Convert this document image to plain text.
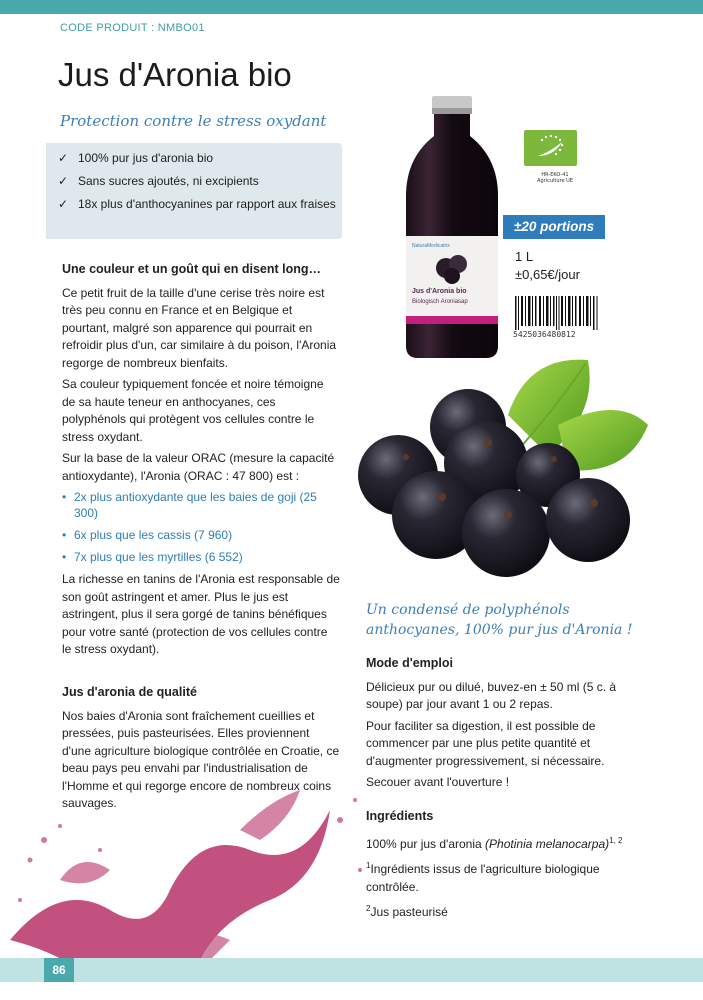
CODE PRODUIT : NMBO01
Jus d'Aronia bio
Protection contre le stress oxydant
✓ 100% pur jus d'aronia bio
✓ Sans sucres ajoutés, ni excipients
✓ 18x plus d'anthocyanines par rapport aux fraises
Une couleur et un goût qui en disent long…

Ce petit fruit de la taille d'une cerise très noire est très peu connu en France et en Belgique et pourtant, malgré son apparence qui pourrait en refroidir plus d'un, car similaire à du poison, l'Aronia regorge de nombreux bienfaits.

Sa couleur typiquement foncée et noire témoigne de sa haute teneur en anthocyanes, ces polyphénols qui protègent vos cellules contre le stress oxydant.

Sur la base de la valeur ORAC (mesure la capacité antioxydante), l'Aronia (ORAC : 47 800) est :

• 2x plus antioxydante que les baies de goji (25 300)
• 6x plus que les cassis (7 960)
• 7x plus que les myrtilles (6 552)

La richesse en tanins de l'Aronia est responsable de son goût astringent et amer. Plus le jus est astringent, plus il sera gorgé de tanins bénéfiques pour votre santé (protection de vos cellules contre le stress oxydant).

Jus d'aronia de qualité

Nos baies d'Aronia sont fraîchement cueillies et pressées, puis pasteurisées. Elles proviennent d'une agriculture biologique contrôlée en Croatie, ce beau pays peu envahi par l'industrialisation de l'Homme et qui regorge encore de nombreux coins sauvages.

NaturaMedicatrix
Jus d'Aronia bio
Biologisch Aroniasap
HR-EKO-41 Agriculture UE
±20 portions
1 L
±0,65€/jour
5425036480812
Un condensé de polyphénols anthocyanes, 100% pur jus d'Aronia !
Mode d'emploi

Délicieux pur ou dilué, buvez-en ± 50 ml (5 c. à soupe) par jour avant 1 ou 2 repas.

Pour faciliter sa digestion, il est possible de commencer par une plus petite quantité et d'augmenter progressivement, si nécessaire.

Secouer avant l'ouverture !

Ingrédients

100% pur jus d'aronia (Photinia melanocarpa)$^{1, 2}$

$^1$Ingrédients issus de l'agriculture biologique contrôlée.

$^2$Jus pasteurisé

86
